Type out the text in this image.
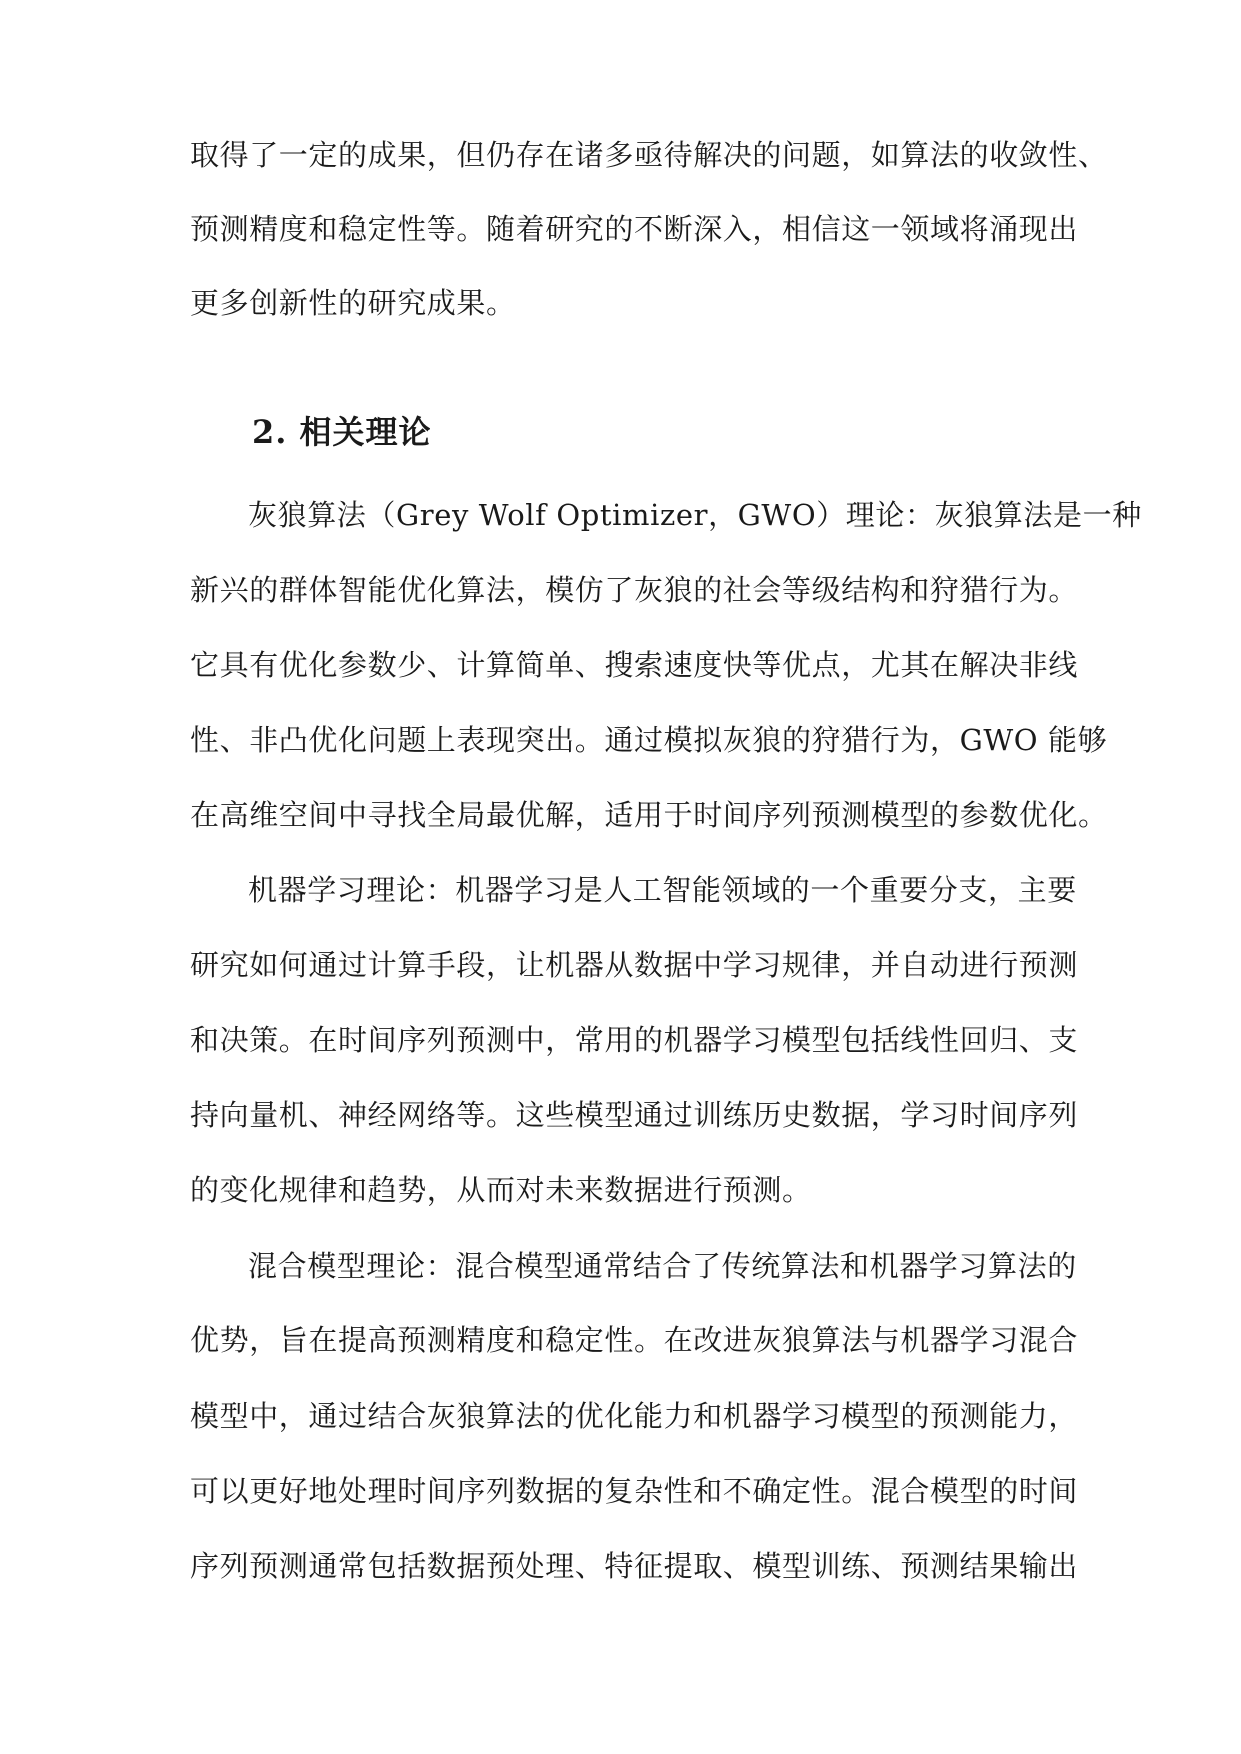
取得了一定的成果，但仍存在诸多亟待解决的问题，如算法的收敛性、
预测精度和稳定性等。随着研究的不断深入，相信这一领域将涌现出
更多创新性的研究成果。
2. 相关理论
灰狼算法（Grey Wolf Optimizer，GWO）理论：灰狼算法是一种
新兴的群体智能优化算法，模仿了灰狼的社会等级结构和狩猎行为。
它具有优化参数少、计算简单、搜索速度快等优点，尤其在解决非线
性、非凸优化问题上表现突出。通过模拟灰狼的狩猎行为，GWO 能够
在高维空间中寻找全局最优解，适用于时间序列预测模型的参数优化。
机器学习理论：机器学习是人工智能领域的一个重要分支，主要
研究如何通过计算手段，让机器从数据中学习规律，并自动进行预测
和决策。在时间序列预测中，常用的机器学习模型包括线性回归、支
持向量机、神经网络等。这些模型通过训练历史数据，学习时间序列
的变化规律和趋势，从而对未来数据进行预测。
混合模型理论：混合模型通常结合了传统算法和机器学习算法的
优势，旨在提高预测精度和稳定性。在改进灰狼算法与机器学习混合
模型中，通过结合灰狼算法的优化能力和机器学习模型的预测能力，
可以更好地处理时间序列数据的复杂性和不确定性。混合模型的时间
序列预测通常包括数据预处理、特征提取、模型训练、预测结果输出
